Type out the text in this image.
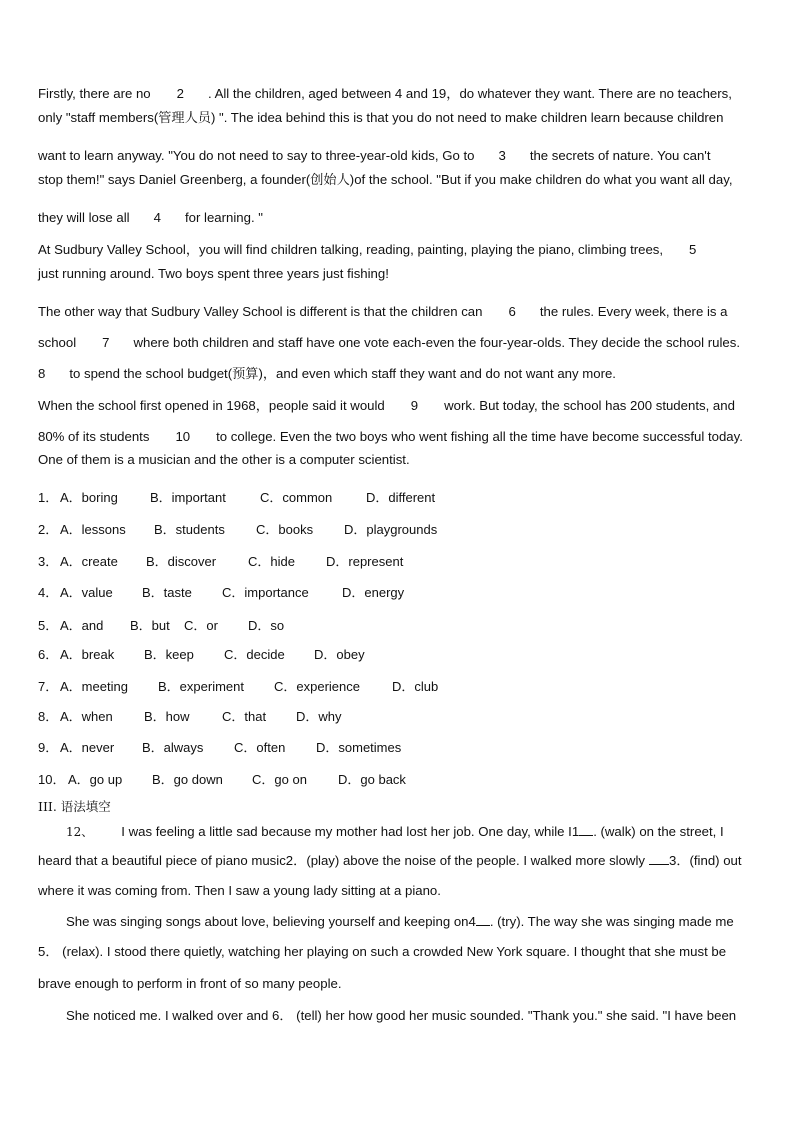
Firstly, there are no 2 . All the children, aged between 4 and 19，do whatever they want. There are no teachers,
only "staff members(管理人员) ". The idea behind this is that you do not need to make children learn because children
want to learn anyway. "You do not need to say to three-year-old kids, Go to 3 the secrets of nature. You can't
stop them!" says Daniel Greenberg, a founder(创始人)of the school. "But if you make children do what you want all day,
they will lose all 4 for learning. "
At Sudbury Valley School，you will find children talking, reading, painting, playing the piano, climbing trees, 5
just running around. Two boys spent three years just fishing!
The other way that Sudbury Valley School is different is that the children can 6 the rules. Every week, there is a
school 7 where both children and staff have one vote each-even the four-year-olds. They decide the school rules.
8 to spend the school budget(预算)，and even which staff they want and do not want any more.
When the school first opened in 1968，people said it would 9 work. But today, the school has 200 students, and
80% of its students 10 to college. Even the two boys who went fishing all the time have become successful today.
One of them is a musician and the other is a computer scientist.
1． A．boring B．important	C．common	D．different
2． A．lessons B．students C．books D．playgrounds
3． A．create B．discover C．hide D．represent
4． A．value B．taste C．importance	D．energy
5． A．and B．but C．or D．so
6． A．break B．keep C．decide D．obey
7． A．meeting B．experiment C．experience D．club
8． A．when B．how C．that D．why
9． A．never B．always C．often D．sometimes
10． A．go up B．go down C．go on D．go back
III. 语法填空
12、 I was feeling a little sad because my mother had lost her job. One day, while I1 . (walk) on the street, I
heard that a beautiful piece of piano music2．(play) above the noise of the people. I walked more slowly 3．(find) out
where it was coming from. Then I saw a young lady sitting at a piano.
She was singing songs about love, believing yourself and keeping on4 . (try). The way she was singing made me
5． (relax). I stood there quietly, watching her playing on such a crowded New York square. I thought that she must be
brave enough to perform in front of so many people.
She noticed me. I walked over and 6． (tell) her how good her music sounded. "Thank you." she said. "I have been
